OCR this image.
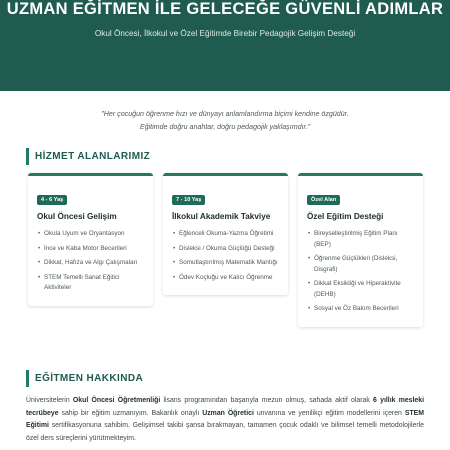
UZMAN EĞİTMEN İLE GELECEĞE GÜVENLİ ADIMLAR

Okul Öncesi, İlkokul ve Özel Eğitimde Birebir Pedagojik Gelişim Desteği

"Her çocuğun öğrenme hızı ve dünyayı anlamlandırma biçimi kendine özgüdür.
Eğitimde doğru anahtar, doğru pedagojik yaklaşımdır."
HİZMET ALANLARIMIZ
4 - 6 Yaş
Okul Öncesi Gelişim
• Okula Uyum ve Oryantasyon
• İnce ve Kaba Motor Becerileri
• Dikkat, Hafıza ve Algı Çalışmaları
• STEM Temelli Sanat Eğitici Aktiviteler
7 - 10 Yaş
İlkokul Akademik Takviye
• Eğlenceli Okuma-Yazma Öğretimi
• Disleksi / Okuma Güçlüğü Desteği
• Somutlaştırılmış Matematik Mantığı
• Ödev Koçluğu ve Kalıcı Öğrenme
Özel Alan
Özel Eğitim Desteği
• Bireyselleştirilmiş Eğitim Planı (BEP)
• Öğrenme Güçlükleri (Disleksi, Disgrafi)
• Dikkat Eksikliği ve Hiperaktivite (DEHB)
• Sosyal ve Öz Bakım Becerileri
EĞİTMEN HAKKINDA

Üniversitelerin Okul Öncesi Öğretmenliği lisans programından başarıyla mezun olmuş, sahada aktif olarak 6 yıllık mesleki tecrübeye sahip bir eğitim uzmanıyım. Bakanlık onaylı Uzman Öğretici unvanına ve yenilikçi eğitim modellerini içeren STEM Eğitimi sertifikasyonuna sahibim. Gelişimsel takibi şansa bırakmayan, tamamen çocuk odaklı ve bilimsel temelli metodolojilerle özel ders süreçlerini yürütmekteyim.
